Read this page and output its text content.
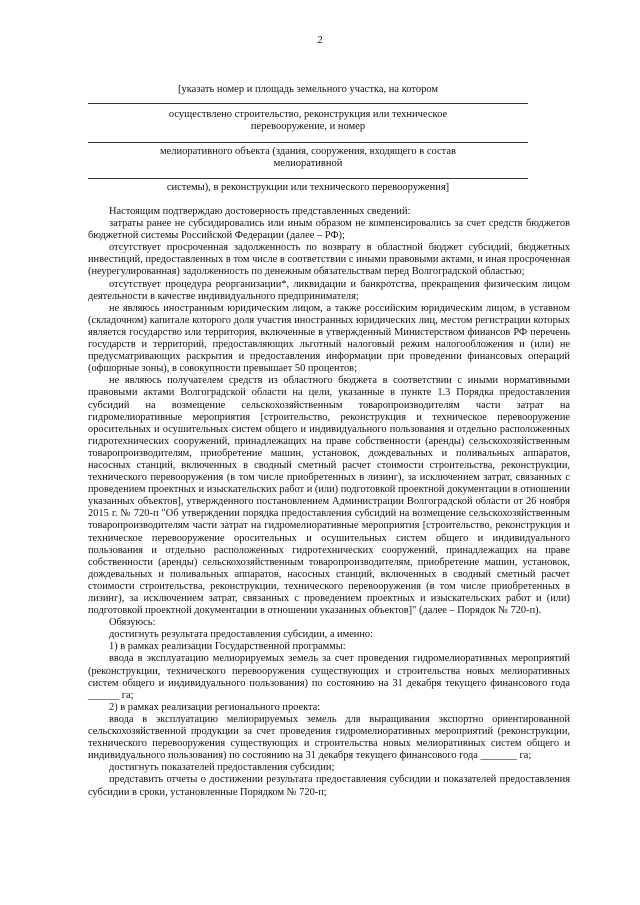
2
[указать номер и площадь земельного участка, на котором
осуществлено строительство, реконструкция или техническое
перевооружение, и номер
мелиоративного объекта (здания, сооружения, входящего в состав
мелиоративной
системы), в реконструкции или технического перевооружения]

Настоящим подтверждаю достоверность представленных сведений:

затраты ранее не субсидировались или иным образом не компенсировались за счет средств бюджетов бюджетной системы Российской Федерации (далее – РФ);

отсутствует просроченная задолженность по возврату в областной бюджет субсидий, бюджетных инвестиций, предоставленных в том числе в соответствии с иными правовыми актами, и иная просроченная (неурегулированная) задолженность по денежным обязательствам перед Волгоградской областью;

отсутствует процедура реорганизации*, ликвидации и банкротства, прекращения физическим лицом деятельности в качестве индивидуального предпринимателя;

не являюсь иностранным юридическим лицом, а также российским юридическим лицом, в уставном (складочном) капитале которого доля участия иностранных юридических лиц, местом регистрации которых является государство или территория, включенные в утвержденный Министерством финансов РФ перечень государств и территорий, предоставляющих льготный налоговый режим налогообложения и (или) не предусматривающих раскрытия и предоставления информации при проведении финансовых операций (офшорные зоны), в совокупности превышает 50 процентов;

не являюсь получателем средств из областного бюджета в соответствии с иными нормативными правовыми актами Волгоградской области на цели, указанные в пункте 1.3 Порядка предоставления субсидий на возмещение сельскохозяйственным товаропроизводителям части затрат на гидромелиоративные мероприятия [строительство, реконструкция и техническое перевооружение оросительных и осушительных систем общего и индивидуального пользования и отдельно расположенных гидротехнических сооружений, принадлежащих на праве собственности (аренды) сельскохозяйственным товаропроизводителям, приобретение машин, установок, дождевальных и поливальных аппаратов, насосных станций, включенных в сводный сметный расчет стоимости строительства, реконструкции, технического перевооружения (в том числе приобретенных в лизинг), за исключением затрат, связанных с проведением проектных и изыскательских работ и (или) подготовкой проектной документации в отношении указанных объектов], утвержденного постановлением Администрации Волгоградской области от 26 ноября 2015 г. № 720-п "Об утверждении порядка предоставления субсидий на возмещение сельскохозяйственным товаропроизводителям части затрат на гидромелиоративные мероприятия [строительство, реконструкция и техническое перевооружение оросительных и осушительных систем общего и индивидуального пользования и отдельно расположенных гидротехнических сооружений, принадлежащих на праве собственности (аренды) сельскохозяйственным товаропроизводителям, приобретение машин, установок, дождевальных и поливальных аппаратов, насосных станций, включенных в сводный сметный расчет стоимости строительства, реконструкции, технического перевооружения (в том числе приобретенных в лизинг), за исключением затрат, связанных с проведением проектных и изыскательских работ и (или) подготовкой проектной документации в отношении указанных объектов]" (далее – Порядок № 720-п).

Обязуюсь:

достигнуть результата предоставления субсидии, а именно:

1) в рамках реализации Государственной программы:

ввода в эксплуатацию мелиорируемых земель за счет проведения гидромелиоративных мероприятий (реконструкции, технического перевооружения существующих и строительства новых мелиоративных систем общего и индивидуального пользования) по состоянию на 31 декабря текущего финансового года ______ га;

2) в рамках реализации регионального проекта:

ввода в эксплуатацию мелиорируемых земель для выращивания экспортно ориентированной сельскохозяйственной продукции за счет проведения гидромелиоративных мероприятий (реконструкции, технического перевооружения существующих и строительства новых мелиоративных систем общего и индивидуального пользования) по состоянию на 31 декабря текущего финансового года _______ га;

достигнуть показателей предоставления субсидии;

представить отчеты о достижении результата предоставления субсидии и показателей предоставления субсидии в сроки, установленные Порядком № 720-п;
